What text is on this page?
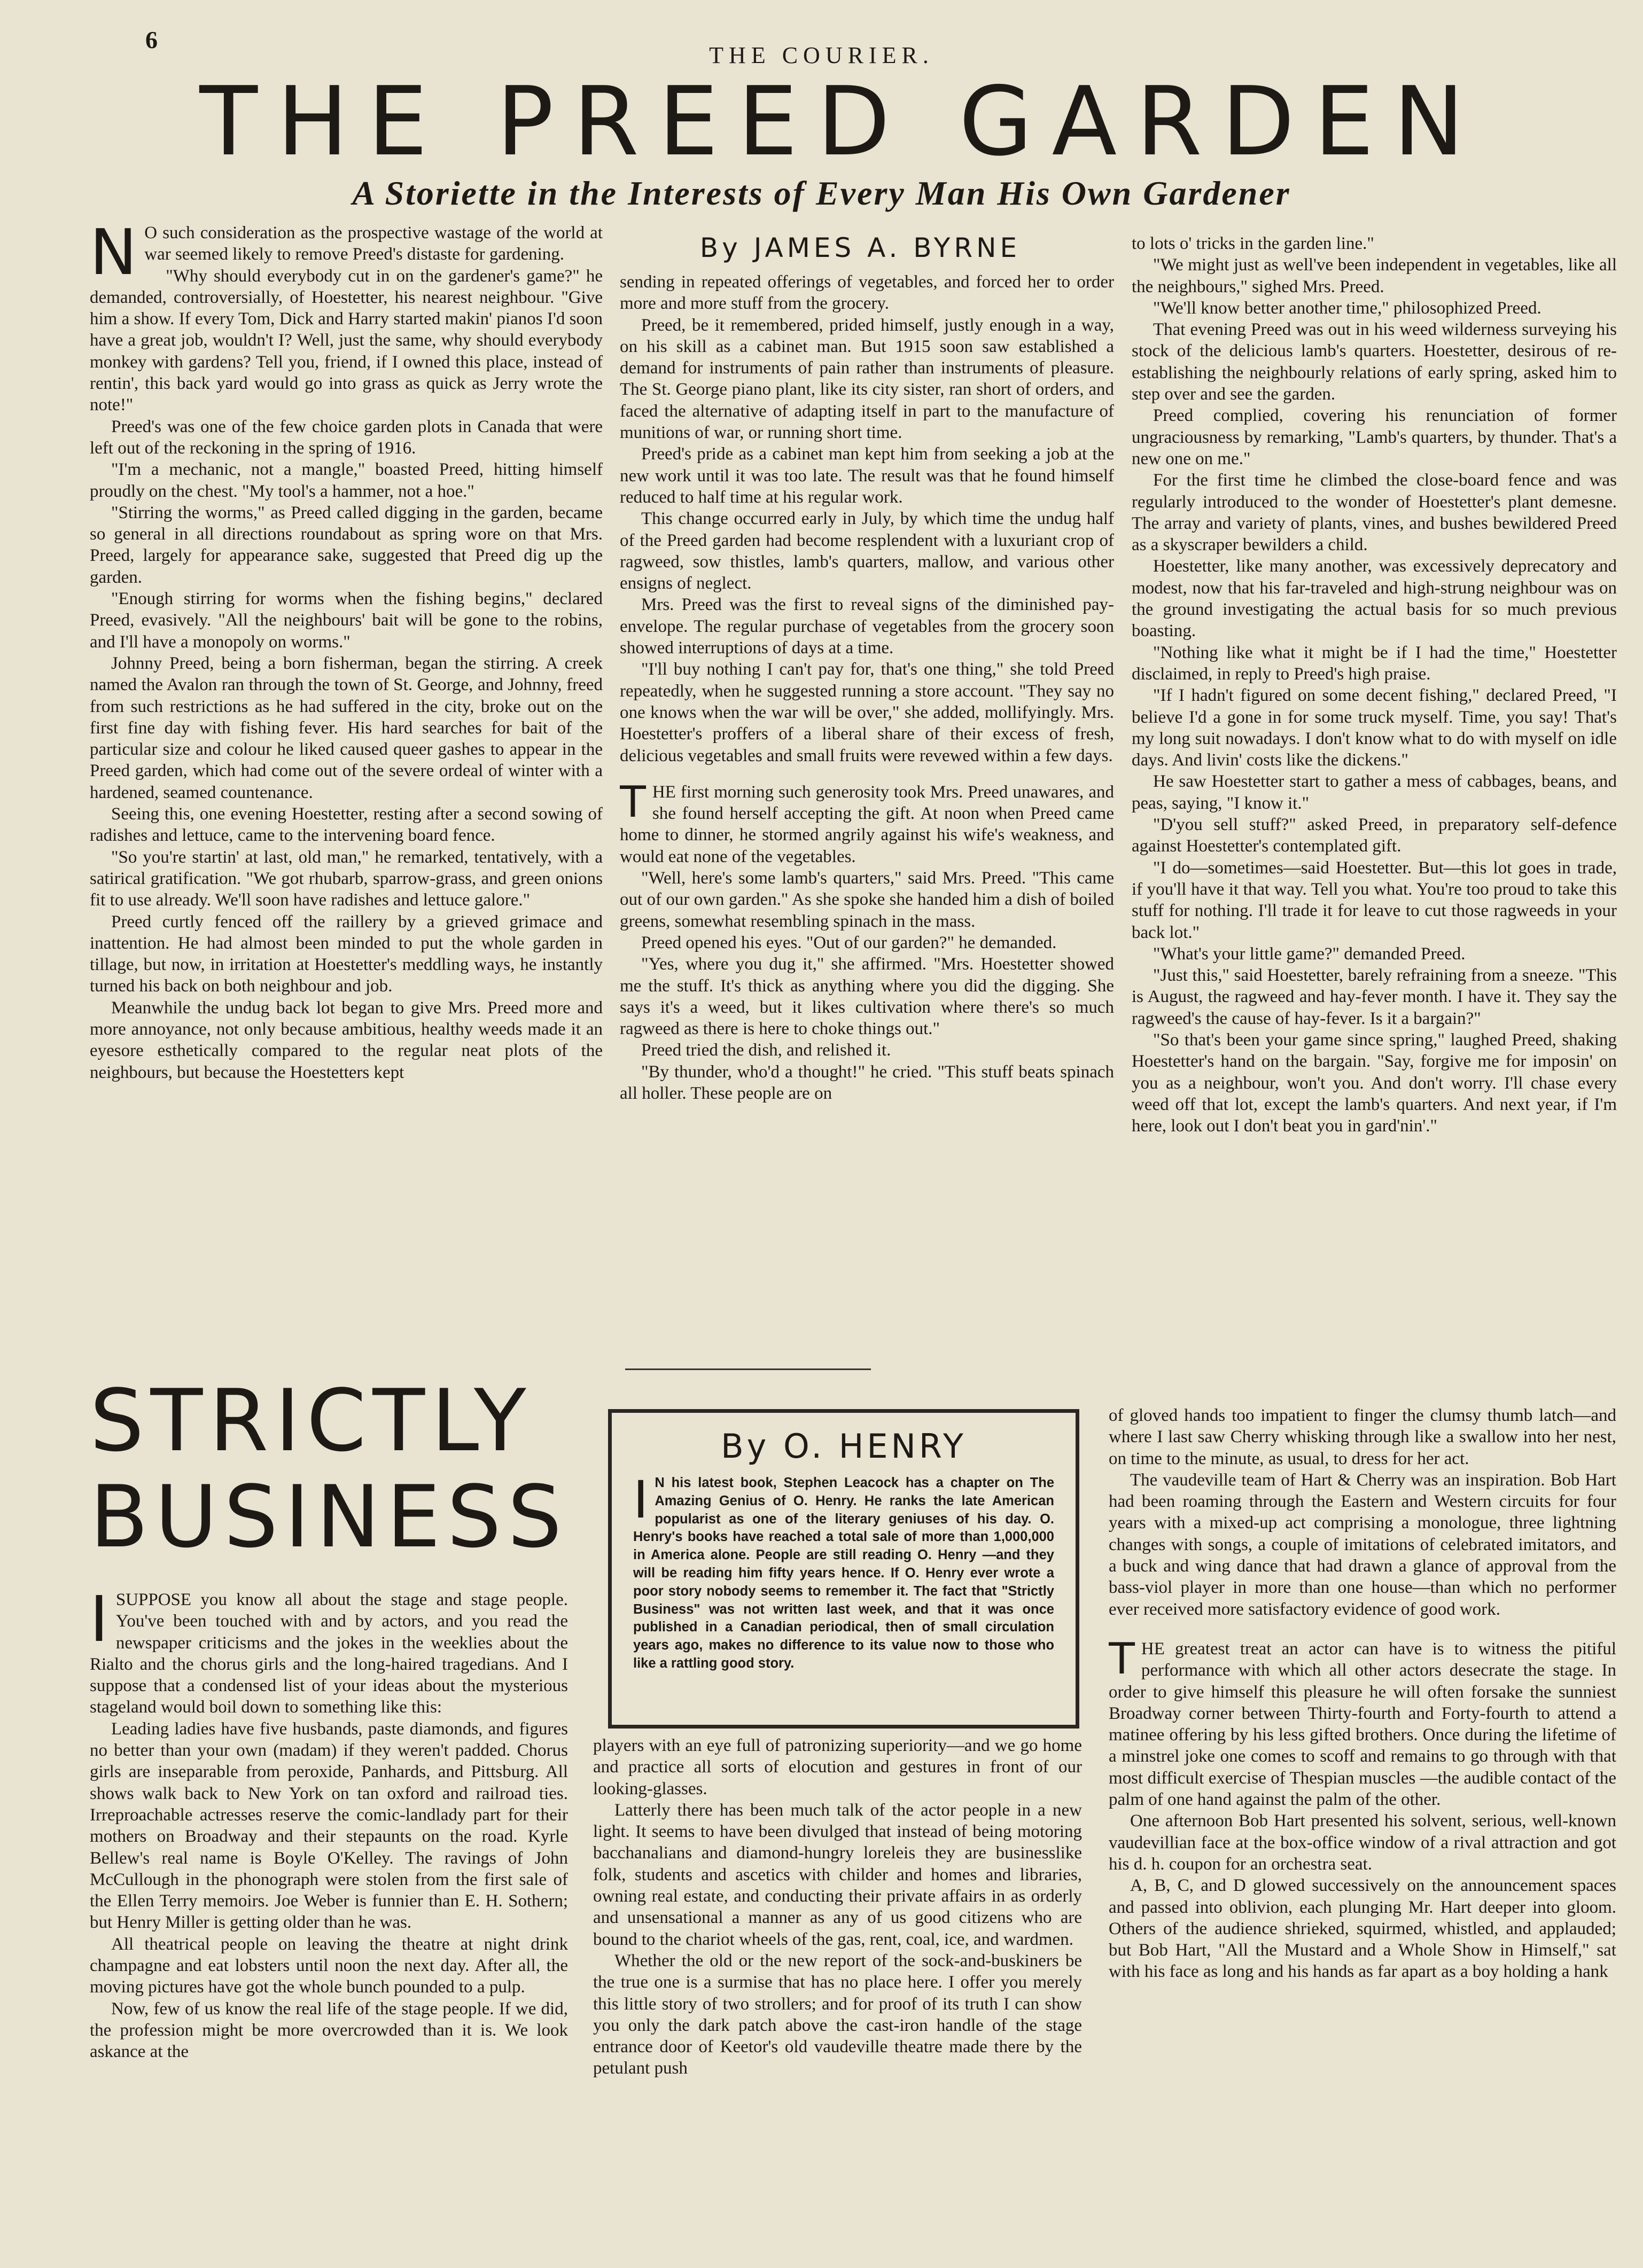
6
THE COURIER.
THE PREED GARDEN
A Storiette in the Interests of Every Man His Own Gardener
By JAMES A. BYRNE

N O such consideration as the prospective wastage of the world at war seemed likely to remove Preed's distaste for gardening.

"Why should everybody cut in on the gardener's game?" he demanded, controversially, of Hoestetter, his nearest neighbour. "Give him a show. If every Tom, Dick and Harry started makin' pianos I'd soon have a great job, wouldn't I? Well, just the same, why should everybody monkey with gardens? Tell you, friend, if I owned this place, instead of rentin', this back yard would go into grass as quick as Jerry wrote the note!"

Preed's was one of the few choice garden plots in Canada that were left out of the reckoning in the spring of 1916.

"I'm a mechanic, not a mangle," boasted Preed, hitting himself proudly on the chest. "My tool's a hammer, not a hoe."

"Stirring the worms," as Preed called digging in the garden, became so general in all directions roundabout as spring wore on that Mrs. Preed, largely for appearance sake, suggested that Preed dig up the garden.

"Enough stirring for worms when the fishing begins," declared Preed, evasively. "All the neighbours' bait will be gone to the robins, and I'll have a monopoly on worms."

Johnny Preed, being a born fisherman, began the stirring. A creek named the Avalon ran through the town of St. George, and Johnny, freed from such restrictions as he had suffered in the city, broke out on the first fine day with fishing fever. His hard searches for bait of the particular size and colour he liked caused queer gashes to appear in the Preed garden, which had come out of the severe ordeal of winter with a hardened, seamed countenance.

Seeing this, one evening Hoestetter, resting after a second sowing of radishes and lettuce, came to the intervening board fence.

"So you're startin' at last, old man," he remarked, tentatively, with a satirical gratification. "We got rhubarb, sparrow-grass, and green onions fit to use already. We'll soon have radishes and lettuce galore."

Preed curtly fenced off the raillery by a grieved grimace and inattention. He had almost been minded to put the whole garden in tillage, but now, in irritation at Hoestetter's meddling ways, he instantly turned his back on both neighbour and job.

Meanwhile the undug back lot began to give Mrs. Preed more and more annoyance, not only because ambitious, healthy weeds made it an eyesore esthetically compared to the regular neat plots of the neighbours, but because the Hoestetters kept

sending in repeated offerings of vegetables, and forced her to order more and more stuff from the grocery.

Preed, be it remembered, prided himself, justly enough in a way, on his skill as a cabinet man. But 1915 soon saw established a demand for instruments of pain rather than instruments of pleasure. The St. George piano plant, like its city sister, ran short of orders, and faced the alternative of adapting itself in part to the manufacture of munitions of war, or running short time.

Preed's pride as a cabinet man kept him from seeking a job at the new work until it was too late. The result was that he found himself reduced to half time at his regular work.

This change occurred early in July, by which time the undug half of the Preed garden had become resplendent with a luxuriant crop of ragweed, sow thistles, lamb's quarters, mallow, and various other ensigns of neglect.

Mrs. Preed was the first to reveal signs of the diminished pay-envelope. The regular purchase of vegetables from the grocery soon showed interruptions of days at a time.

"I'll buy nothing I can't pay for, that's one thing," she told Preed repeatedly, when he suggested running a store account. "They say no one knows when the war will be over," she added, mollifyingly. Mrs. Hoestetter's proffers of a liberal share of their excess of fresh, delicious vegetables and small fruits were revewed within a few days.

THE first morning such generosity took Mrs. Preed unawares, and she found herself accepting the gift. At noon when Preed came home to dinner, he stormed angrily against his wife's weakness, and would eat none of the vegetables.

"Well, here's some lamb's quarters," said Mrs. Preed. "This came out of our own garden." As she spoke she handed him a dish of boiled greens, somewhat resembling spinach in the mass.

Preed opened his eyes. "Out of our garden?" he demanded.

"Yes, where you dug it," she affirmed. "Mrs. Hoestetter showed me the stuff. It's thick as anything where you did the digging. She says it's a weed, but it likes cultivation where there's so much ragweed as there is here to choke things out."

Preed tried the dish, and relished it.

"By thunder, who'd a thought!" he cried. "This stuff beats spinach all holler. These people are on

to lots o' tricks in the garden line."

"We might just as well've been independent in vegetables, like all the neighbours," sighed Mrs. Preed.

"We'll know better another time," philosophized Preed.

That evening Preed was out in his weed wilderness surveying his stock of the delicious lamb's quarters. Hoestetter, desirous of re-establishing the neighbourly relations of early spring, asked him to step over and see the garden.

Preed complied, covering his renunciation of former ungraciousness by remarking, "Lamb's quarters, by thunder. That's a new one on me."

For the first time he climbed the close-board fence and was regularly introduced to the wonder of Hoestetter's plant demesne. The array and variety of plants, vines, and bushes bewildered Preed as a skyscraper bewilders a child.

Hoestetter, like many another, was excessively deprecatory and modest, now that his far-traveled and high-strung neighbour was on the ground investigating the actual basis for so much previous boasting.

"Nothing like what it might be if I had the time," Hoestetter disclaimed, in reply to Preed's high praise.

"If I hadn't figured on some decent fishing," declared Preed, "I believe I'd a gone in for some truck myself. Time, you say! That's my long suit nowadays. I don't know what to do with myself on idle days. And livin' costs like the dickens."

He saw Hoestetter start to gather a mess of cabbages, beans, and peas, saying, "I know it."

"D'you sell stuff?" asked Preed, in preparatory self-defence against Hoestetter's contemplated gift.

"I do—sometimes—said Hoestetter. But—this lot goes in trade, if you'll have it that way. Tell you what. You're too proud to take this stuff for nothing. I'll trade it for leave to cut those ragweeds in your back lot."

"What's your little game?" demanded Preed.

"Just this," said Hoestetter, barely refraining from a sneeze. "This is August, the ragweed and hay-fever month. I have it. They say the ragweed's the cause of hay-fever. Is it a bargain?"

"So that's been your game since spring," laughed Preed, shaking Hoestetter's hand on the bargain. "Say, forgive me for imposin' on you as a neighbour, won't you. And don't worry. I'll chase every weed off that lot, except the lamb's quarters. And next year, if I'm here, look out I don't beat you in gard'nin'."

STRICTLY
BUSINESS
By O. HENRY
I N his latest book, Stephen Leacock has a chapter on The Amazing Genius of O. Henry. He ranks the late American popularist as one of the literary geniuses of his day. O. Henry's books have reached a total sale of more than 1,000,000 in America alone. People are still reading O. Henry —and they will be reading him fifty years hence. If O. Henry ever wrote a poor story nobody seems to remember it. The fact that "Strictly Business" was not written last week, and that it was once published in a Canadian periodical, then of small circulation years ago, makes no difference to its value now to those who like a rattling good story.

ISUPPOSE you know all about the stage and stage people. You've been touched with and by actors, and you read the newspaper criticisms and the jokes in the weeklies about the Rialto and the chorus girls and the long-haired tragedians. And I suppose that a condensed list of your ideas about the mysterious stageland would boil down to something like this:

Leading ladies have five husbands, paste diamonds, and figures no better than your own (madam) if they weren't padded. Chorus girls are inseparable from peroxide, Panhards, and Pittsburg. All shows walk back to New York on tan oxford and railroad ties. Irreproachable actresses reserve the comic-landlady part for their mothers on Broadway and their stepaunts on the road. Kyrle Bellew's real name is Boyle O'Kelley. The ravings of John McCullough in the phonograph were stolen from the first sale of the Ellen Terry memoirs. Joe Weber is funnier than E. H. Sothern; but Henry Miller is getting older than he was.

All theatrical people on leaving the theatre at night drink champagne and eat lobsters until noon the next day. After all, the moving pictures have got the whole bunch pounded to a pulp.

Now, few of us know the real life of the stage people. If we did, the profession might be more overcrowded than it is. We look askance at the

players with an eye full of patronizing superiority—and we go home and practice all sorts of elocution and gestures in front of our looking-glasses.

Latterly there has been much talk of the actor people in a new light. It seems to have been divulged that instead of being motoring bacchanalians and diamond-hungry loreleis they are businesslike folk, students and ascetics with childer and homes and libraries, owning real estate, and conducting their private affairs in as orderly and unsensational a manner as any of us good citizens who are bound to the chariot wheels of the gas, rent, coal, ice, and wardmen.

Whether the old or the new report of the sock-and-buskiners be the true one is a surmise that has no place here. I offer you merely this little story of two strollers; and for proof of its truth I can show you only the dark patch above the cast-iron handle of the stage entrance door of Keetor's old vaudeville theatre made there by the petulant push

of gloved hands too impatient to finger the clumsy thumb latch—and where I last saw Cherry whisking through like a swallow into her nest, on time to the minute, as usual, to dress for her act.

The vaudeville team of Hart & Cherry was an inspiration. Bob Hart had been roaming through the Eastern and Western circuits for four years with a mixed-up act comprising a monologue, three lightning changes with songs, a couple of imitations of celebrated imitators, and a buck and wing dance that had drawn a glance of approval from the bass-viol player in more than one house—than which no performer ever received more satisfactory evidence of good work.

THE greatest treat an actor can have is to witness the pitiful performance with which all other actors desecrate the stage. In order to give himself this pleasure he will often forsake the sunniest Broadway corner between Thirty-fourth and Forty-fourth to attend a matinee offering by his less gifted brothers. Once during the lifetime of a minstrel joke one comes to scoff and remains to go through with that most difficult exercise of Thespian muscles —the audible contact of the palm of one hand against the palm of the other.

One afternoon Bob Hart presented his solvent, serious, well-known vaudevillian face at the box-office window of a rival attraction and got his d. h. coupon for an orchestra seat.

A, B, C, and D glowed successively on the announcement spaces and passed into oblivion, each plunging Mr. Hart deeper into gloom. Others of the audience shrieked, squirmed, whistled, and applauded; but Bob Hart, "All the Mustard and a Whole Show in Himself," sat with his face as long and his hands as far apart as a boy holding a hank
